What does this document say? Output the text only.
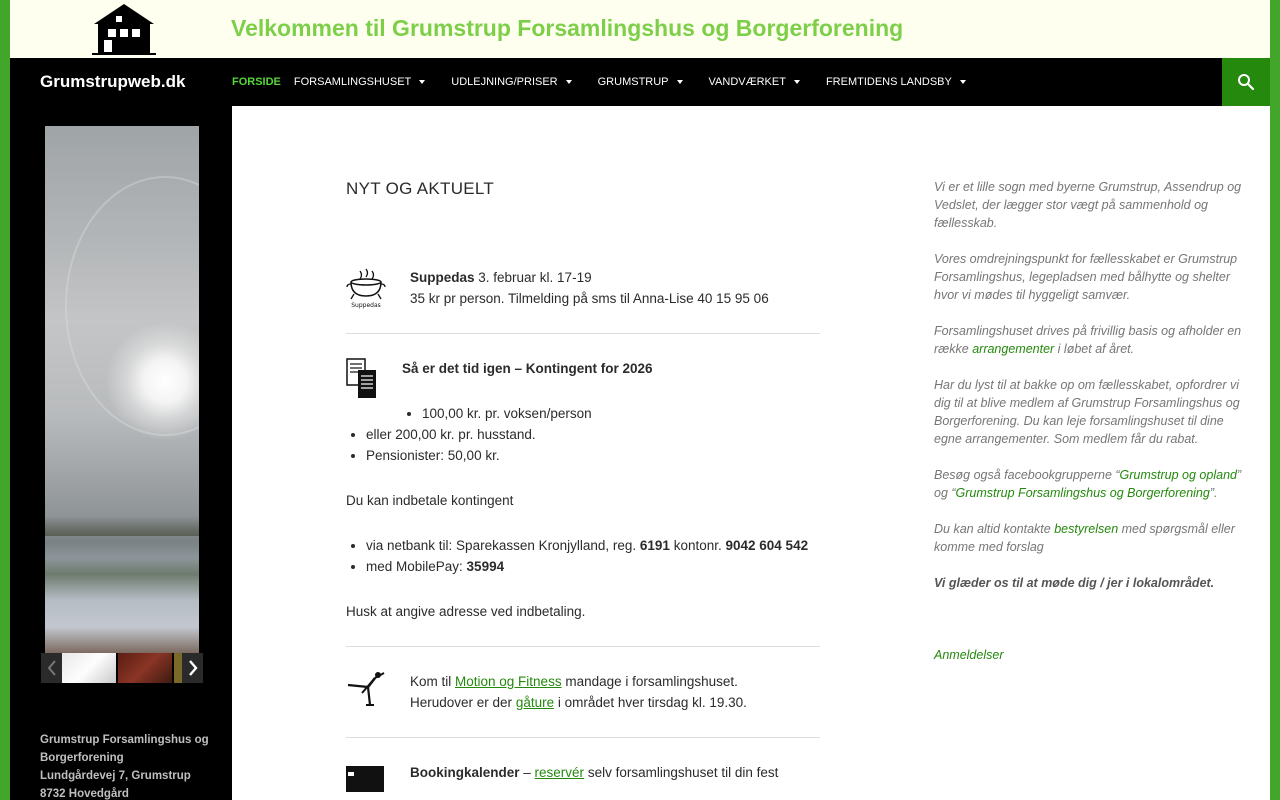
Velkommen til Grumstrup Forsamlingshus og Borgerforening
Grumstrupweb.dk	FORSIDE FORSAMLINGSHUSET	UDLEJNING/PRISER	GRUMSTRUP	VANDVÆRKET	FREMTIDENS LANDSBY
Grumstrup Forsamlingshus og Borgerforening
Lundgårdevej 7, Grumstrup
8732 Hovedgård
NYT OG AKTUELT
Suppedas
Suppedas 3. februar kl. 17-19
35 kr pr person. Tilmelding på sms til Anna-Lise 40 15 95 06
Så er det tid igen – Kontingent for 2026
• 100,00 kr. pr. voksen/person
• eller 200,00 kr. pr. husstand.
• Pensionister: 50,00 kr.

Du kan indbetale kontingent

• via netbank til: Sparekassen Kronjylland, reg. 6191 kontonr. 9042 604 542
• med MobilePay: 35994

Husk at angive adresse ved indbetaling.

Kom til Motion og Fitness mandage i forsamlingshuset.
Herudover er der gåture i området hver tirsdag kl. 19.30.
Bookingkalender – reservér selv forsamlingshuset til din fest

Vi er et lille sogn med byerne Grumstrup, Assendrup og Vedslet, der lægger stor vægt på sammenhold og fællesskab.

Vores omdrejningspunkt for fællesskabet er Grumstrup Forsamlingshus, legepladsen med bålhytte og shelter hvor vi mødes til hyggeligt samvær.

Forsamlingshuset drives på frivillig basis og afholder en række arrangementer i løbet af året.

Har du lyst til at bakke op om fællesskabet, opfordrer vi dig til at blive medlem af Grumstrup Forsamlingshus og Borgerforening. Du kan leje forsamlingshuset til dine egne arrangementer. Som medlem får du rabat.

Besøg også facebookgrupperne “Grumstrup og opland” og “Grumstrup Forsamlingshus og Borgerforening”.

Du kan altid kontakte bestyrelsen med spørgsmål eller komme med forslag

Vi glæder os til at møde dig / jer i lokalområdet.

Anmeldelser
